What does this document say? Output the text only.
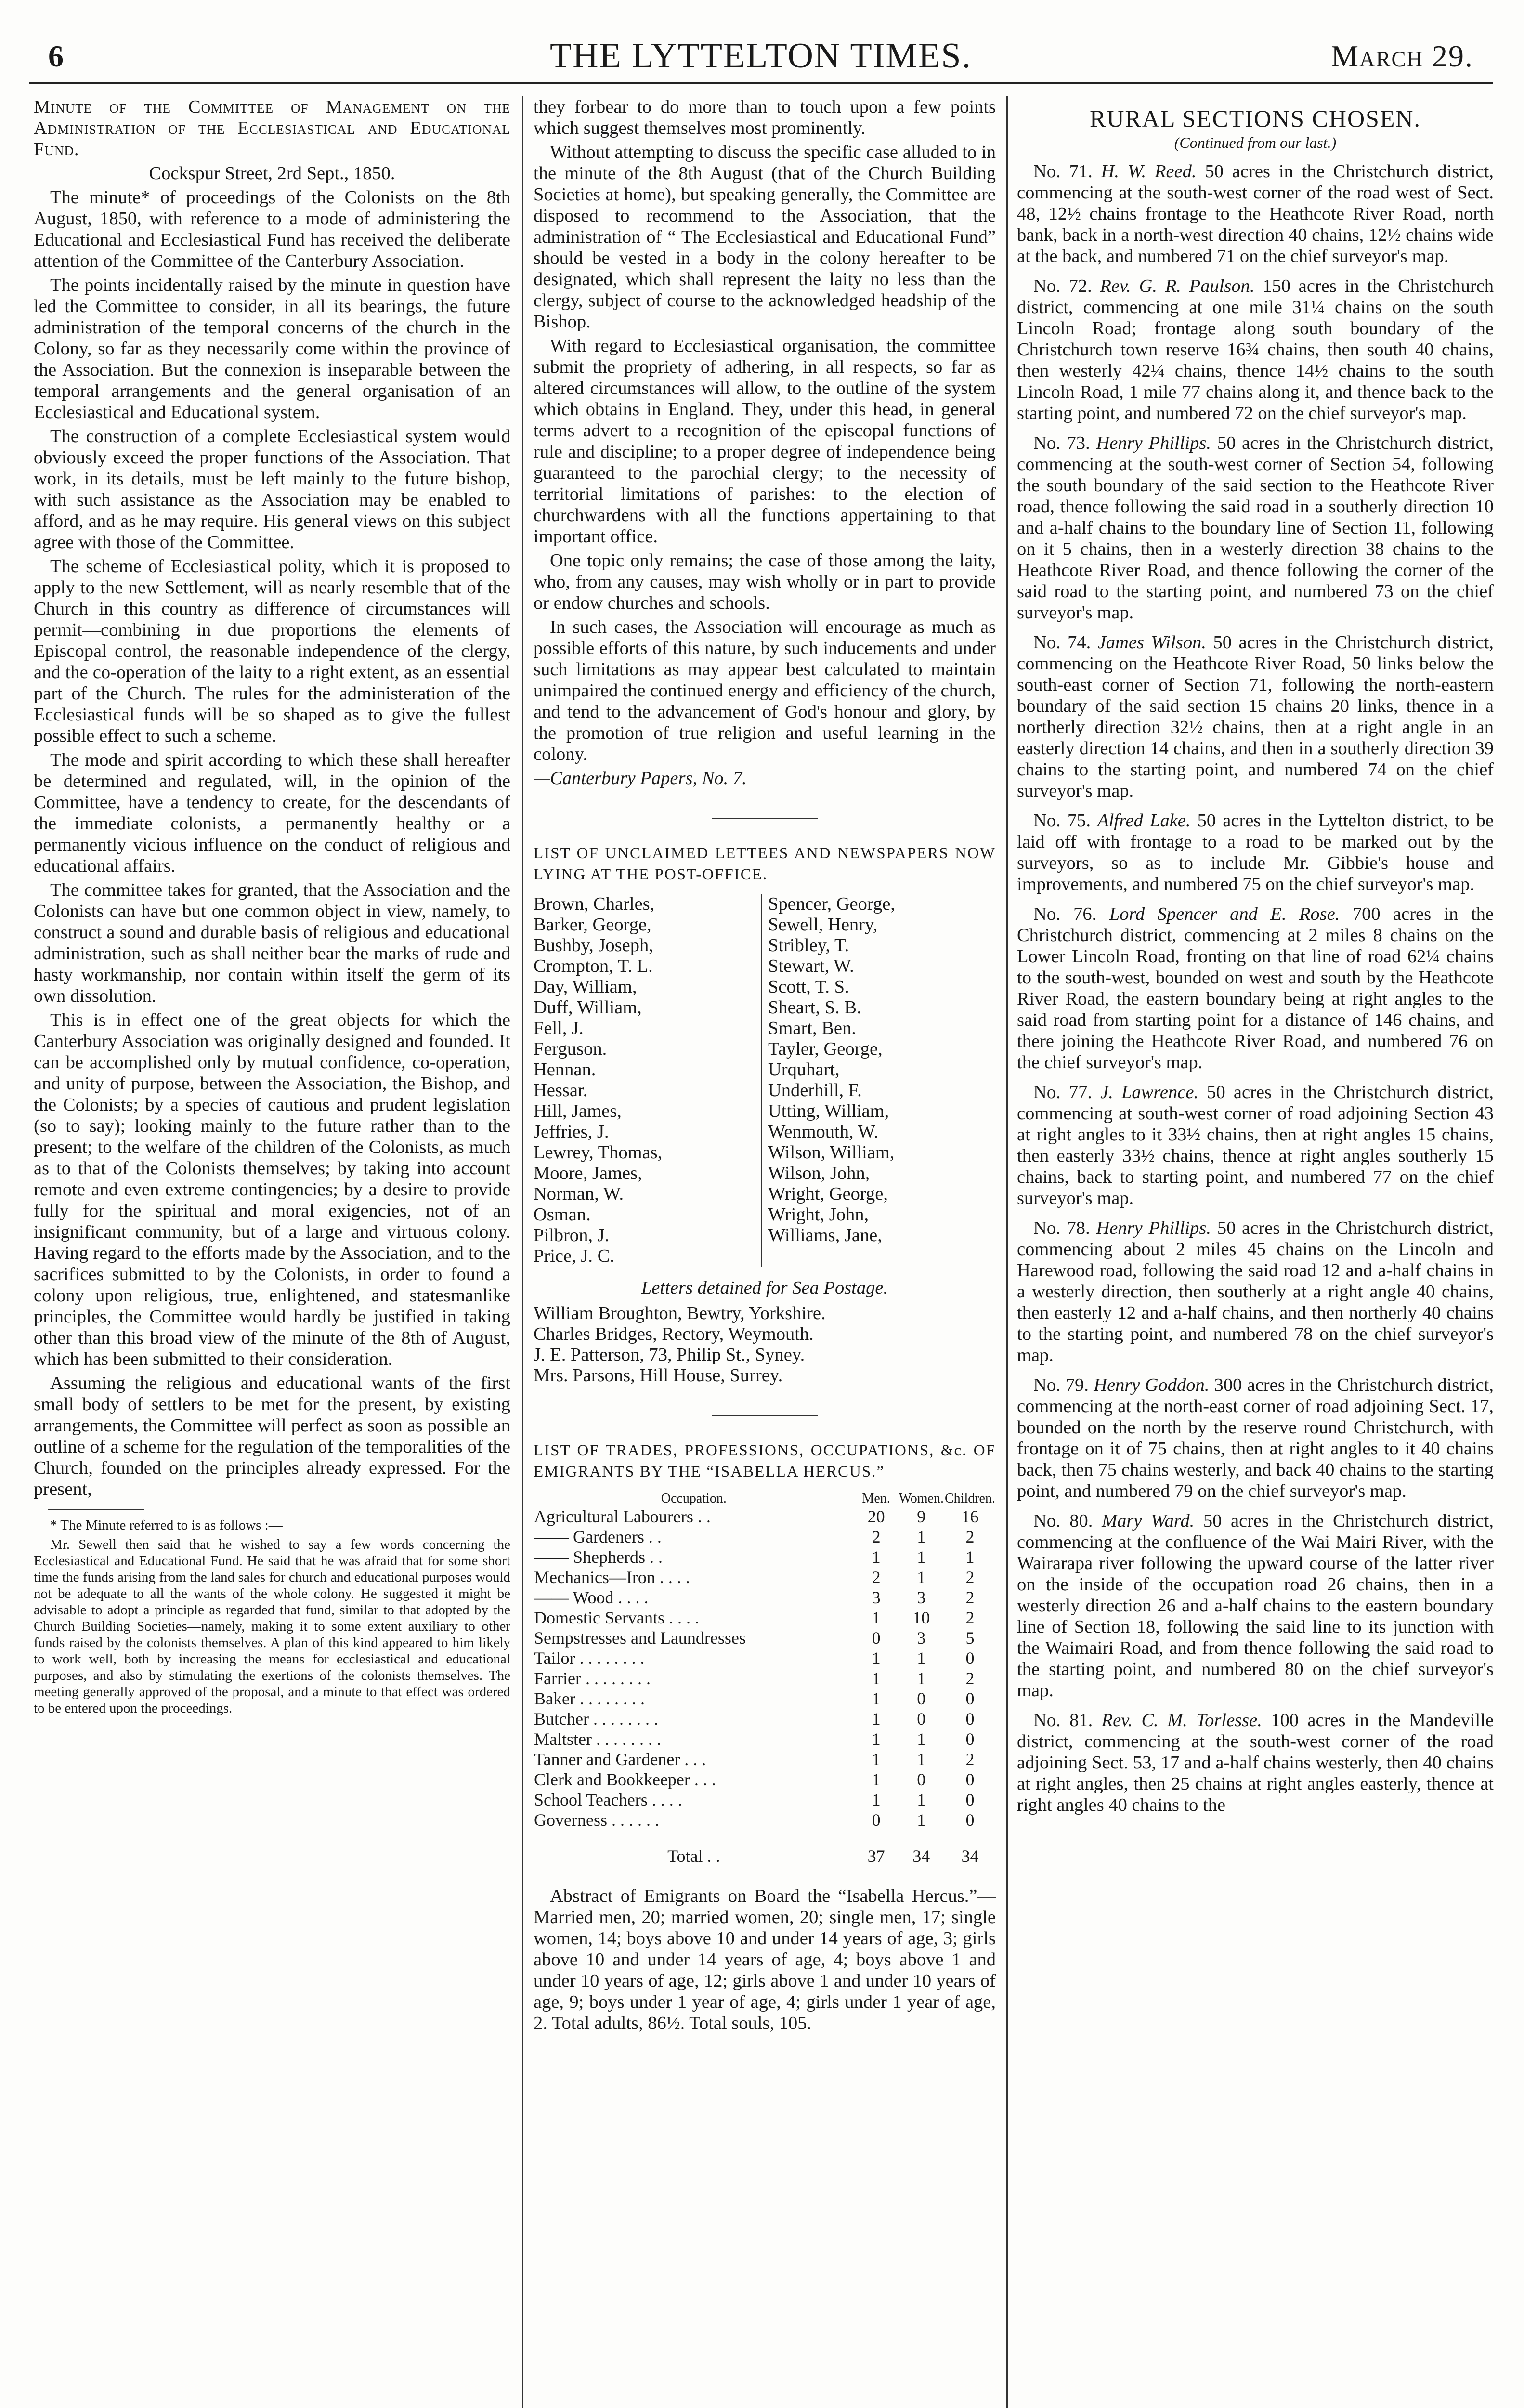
6	THE LYTTELTON TIMES.	March 29.

Minute of the Committee of Management on the Administration of the Ecclesiastical and Educational Fund.

Cockspur Street, 2rd Sept., 1850.

The minute* of proceedings of the Colonists on the 8th August, 1850, with reference to a mode of administering the Educational and Ecclesiastical Fund has received the deliberate attention of the Committee of the Canterbury Association.

The points incidentally raised by the minute in question have led the Committee to consider, in all its bearings, the future administration of the temporal concerns of the church in the Colony, so far as they necessarily come within the province of the Association. But the connexion is inseparable between the temporal arrangements and the general organisation of an Ecclesiastical and Educational system.

The construction of a complete Ecclesiastical system would obviously exceed the proper functions of the Association. That work, in its details, must be left mainly to the future bishop, with such assistance as the Association may be enabled to afford, and as he may require. His general views on this subject agree with those of the Committee.

The scheme of Ecclesiastical polity, which it is proposed to apply to the new Settlement, will as nearly resemble that of the Church in this country as difference of circumstances will permit—combining in due proportions the elements of Episcopal control, the reasonable independence of the clergy, and the co-operation of the laity to a right extent, as an essential part of the Church. The rules for the administeration of the Ecclesiastical funds will be so shaped as to give the fullest possible effect to such a scheme.

The mode and spirit according to which these shall hereafter be determined and regulated, will, in the opinion of the Committee, have a tendency to create, for the descendants of the immediate colonists, a permanently healthy or a permanently vicious influence on the conduct of religious and educational affairs.

The committee takes for granted, that the Association and the Colonists can have but one common object in view, namely, to construct a sound and durable basis of religious and educational administration, such as shall neither bear the marks of rude and hasty workmanship, nor contain within itself the germ of its own dissolution.

This is in effect one of the great objects for which the Canterbury Association was originally designed and founded. It can be accomplished only by mutual confidence, co-operation, and unity of purpose, between the Association, the Bishop, and the Colonists; by a species of cautious and prudent legislation (so to say); looking mainly to the future rather than to the present; to the welfare of the children of the Colonists, as much as to that of the Colonists themselves; by taking into account remote and even extreme contingencies; by a desire to provide fully for the spiritual and moral exigencies, not of an insignificant community, but of a large and virtuous colony. Having regard to the efforts made by the Association, and to the sacrifices submitted to by the Colonists, in order to found a colony upon religious, true, enlightened, and statesmanlike principles, the Committee would hardly be justified in taking other than this broad view of the minute of the 8th of August, which has been submitted to their consideration.

Assuming the religious and educational wants of the first small body of settlers to be met for the present, by existing arrangements, the Committee will perfect as soon as possible an outline of a scheme for the regulation of the temporalities of the Church, founded on the principles already expressed. For the present,

* The Minute referred to is as follows :—

Mr. Sewell then said that he wished to say a few words concerning the Ecclesiastical and Educational Fund. He said that he was afraid that for some short time the funds arising from the land sales for church and educational purposes would not be adequate to all the wants of the whole colony. He suggested it might be advisable to adopt a principle as regarded that fund, similar to that adopted by the Church Building Societies—namely, making it to some extent auxiliary to other funds raised by the colonists themselves. A plan of this kind appeared to him likely to work well, both by increasing the means for ecclesiastical and educational purposes, and also by stimulating the exertions of the colonists themselves. The meeting generally approved of the proposal, and a minute to that effect was ordered to be entered upon the proceedings.

they forbear to do more than to touch upon a few points which suggest themselves most prominently.

Without attempting to discuss the specific case alluded to in the minute of the 8th August (that of the Church Building Societies at home), but speaking generally, the Committee are disposed to recommend to the Association, that the administration of “ The Ecclesiastical and Educational Fund” should be vested in a body in the colony hereafter to be designated, which shall represent the laity no less than the clergy, subject of course to the acknowledged headship of the Bishop.

With regard to Ecclesiastical organisation, the committee submit the propriety of adhering, in all respects, so far as altered circumstances will allow, to the outline of the system which obtains in England. They, under this head, in general terms advert to a recognition of the episcopal functions of rule and discipline; to a proper degree of independence being guaranteed to the parochial clergy; to the necessity of territorial limitations of parishes: to the election of churchwardens with all the functions appertaining to that important office.

One topic only remains; the case of those among the laity, who, from any causes, may wish wholly or in part to provide or endow churches and schools.

In such cases, the Association will encourage as much as possible efforts of this nature, by such inducements and under such limitations as may appear best calculated to maintain unimpaired the continued energy and efficiency of the church, and tend to the advancement of God's honour and glory, by the promotion of true religion and useful learning in the colony.

—Canterbury Papers, No. 7.

LIST OF UNCLAIMED LETTEES AND NEWSPAPERS NOW LYING AT THE POST-OFFICE.

Brown, Charles,
Barker, George,
Bushby, Joseph,
Crompton, T. L.
Day, William,
Duff, William,
Fell, J.
Ferguson.
Hennan.
Hessar.
Hill, James,
Jeffries, J.
Lewrey, Thomas,
Moore, James,
Norman, W.
Osman.
Pilbron, J.
Price, J. C.
Spencer, George,
Sewell, Henry,
Stribley, T.
Stewart, W.
Scott, T. S.
Sheart, S. B.
Smart, Ben.
Tayler, George,
Urquhart,
Underhill, F.
Utting, William,
Wenmouth, W.
Wilson, William,
Wilson, John,
Wright, George,
Wright, John,
Williams, Jane,

Letters detained for Sea Postage.

William Broughton, Bewtry, Yorkshire.
Charles Bridges, Rectory, Weymouth.
J. E. Patterson, 73, Philip St., Syney.
Mrs. Parsons, Hill House, Surrey.

LIST OF TRADES, PROFESSIONS, OCCUPATIONS, &c. OF EMIGRANTS BY THE “ISABELLA HERCUS.”

Occupation.	Men.	Women.	Children.
Agricultural Labourers . .	20	9	16
—— Gardeners . .	2	1	2
—— Shepherds . .	1	1	1
Mechanics—Iron . . . .	2	1	2
—— Wood . . . .	3	3	2
Domestic Servants . . . .	1	10	2
Sempstresses and Laundresses	0	3	5
Tailor . . . . . . . .	1	1	0
Farrier . . . . . . . .	1	1	2
Baker . . . . . . . .	1	0	0
Butcher . . . . . . . .	1	0	0
Maltster . . . . . . . .	1	1	0
Tanner and Gardener . . .	1	1	2
Clerk and Bookkeeper . . .	1	0	0
School Teachers . . . .	1	1	0
Governess . . . . . .	0	1	0
Total . .	37	34	34

Abstract of Emigrants on Board the “Isabella Hercus.”—Married men, 20; married women, 20; single men, 17; single women, 14; boys above 10 and under 14 years of age, 3; girls above 10 and under 14 years of age, 4; boys above 1 and under 10 years of age, 12; girls above 1 and under 10 years of age, 9; boys under 1 year of age, 4; girls under 1 year of age, 2. Total adults, 86½. Total souls, 105.

RURAL SECTIONS CHOSEN.
(Continued from our last.)

No. 71. H. W. Reed. 50 acres in the Christchurch district, commencing at the south-west corner of the road west of Sect. 48, 12½ chains frontage to the Heathcote River Road, north bank, back in a north-west direction 40 chains, 12½ chains wide at the back, and numbered 71 on the chief surveyor's map.

No. 72. Rev. G. R. Paulson. 150 acres in the Christchurch district, commencing at one mile 31¼ chains on the south Lincoln Road; frontage along south boundary of the Christchurch town reserve 16¾ chains, then south 40 chains, then westerly 42¼ chains, thence 14½ chains to the south Lincoln Road, 1 mile 77 chains along it, and thence back to the starting point, and numbered 72 on the chief surveyor's map.

No. 73. Henry Phillips. 50 acres in the Christchurch district, commencing at the south-west corner of Section 54, following the south boundary of the said section to the Heathcote River road, thence following the said road in a southerly direction 10 and a-half chains to the boundary line of Section 11, following on it 5 chains, then in a westerly direction 38 chains to the Heathcote River Road, and thence following the corner of the said road to the starting point, and numbered 73 on the chief surveyor's map.

No. 74. James Wilson. 50 acres in the Christchurch district, commencing on the Heathcote River Road, 50 links below the south-east corner of Section 71, following the north-eastern boundary of the said section 15 chains 20 links, thence in a northerly direction 32½ chains, then at a right angle in an easterly direction 14 chains, and then in a southerly direction 39 chains to the starting point, and numbered 74 on the chief surveyor's map.

No. 75. Alfred Lake. 50 acres in the Lyttelton district, to be laid off with frontage to a road to be marked out by the surveyors, so as to include Mr. Gibbie's house and improvements, and numbered 75 on the chief surveyor's map.

No. 76. Lord Spencer and E. Rose. 700 acres in the Christchurch district, commencing at 2 miles 8 chains on the Lower Lincoln Road, fronting on that line of road 62¼ chains to the south-west, bounded on west and south by the Heathcote River Road, the eastern boundary being at right angles to the said road from starting point for a distance of 146 chains, and there joining the Heathcote River Road, and numbered 76 on the chief surveyor's map.

No. 77. J. Lawrence. 50 acres in the Christchurch district, commencing at south-west corner of road adjoining Section 43 at right angles to it 33½ chains, then at right angles 15 chains, then easterly 33½ chains, thence at right angles southerly 15 chains, back to starting point, and numbered 77 on the chief surveyor's map.

No. 78. Henry Phillips. 50 acres in the Christchurch district, commencing about 2 miles 45 chains on the Lincoln and Harewood road, following the said road 12 and a-half chains in a westerly direction, then southerly at a right angle 40 chains, then easterly 12 and a-half chains, and then northerly 40 chains to the starting point, and numbered 78 on the chief surveyor's map.

No. 79. Henry Goddon. 300 acres in the Christchurch district, commencing at the north-east corner of road adjoining Sect. 17, bounded on the north by the reserve round Christchurch, with frontage on it of 75 chains, then at right angles to it 40 chains back, then 75 chains westerly, and back 40 chains to the starting point, and numbered 79 on the chief surveyor's map.

No. 80. Mary Ward. 50 acres in the Christchurch district, commencing at the confluence of the Wai Mairi River, with the Wairarapa river following the upward course of the latter river on the inside of the occupation road 26 chains, then in a westerly direction 26 and a-half chains to the eastern boundary line of Section 18, following the said line to its junction with the Waimairi Road, and from thence following the said road to the starting point, and numbered 80 on the chief surveyor's map.

No. 81. Rev. C. M. Torlesse. 100 acres in the Mandeville district, commencing at the south-west corner of the road adjoining Sect. 53, 17 and a-half chains westerly, then 40 chains at right angles, then 25 chains at right angles easterly, thence at right angles 40 chains to the
